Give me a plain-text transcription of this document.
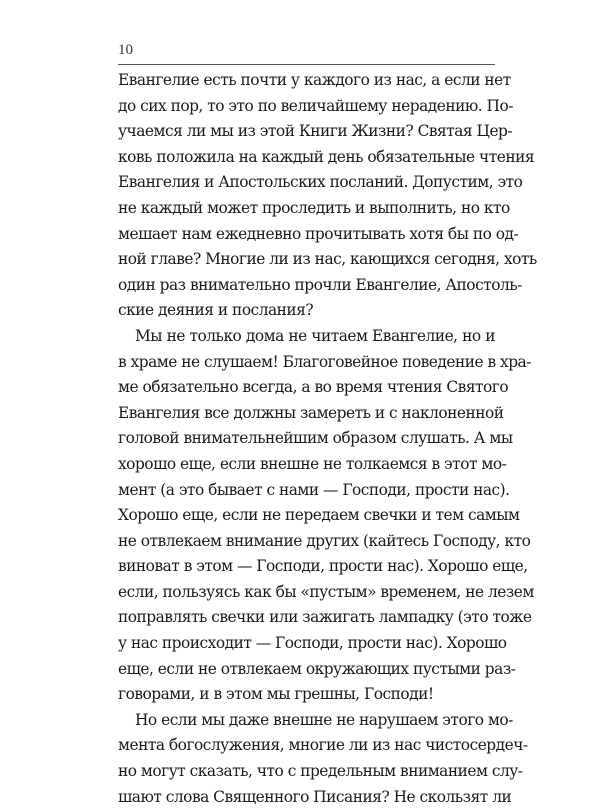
10
Евангелие есть почти у каждого из нас, а если нет
до сих пор, то это по величайшему нерадению. По-
учаемся ли мы из этой Книги Жизни? Святая Цер-
ковь положила на каждый день обязательные чтения
Евангелия и Апостольских посланий. Допустим, это
не каждый может проследить и выполнить, но кто
мешает нам ежедневно прочитывать хотя бы по од-
ной главе? Многие ли из нас, кающихся сегодня, хоть
один раз внимательно прочли Евангелие, Апостоль-
ские деяния и послания?
Мы не только дома не читаем Евангелие, но и
в храме не слушаем! Благоговейное поведение в хра-
ме обязательно всегда, а во время чтения Святого
Евангелия все должны замереть и с наклоненной
головой внимательнейшим образом слушать. А мы
хорошо еще, если внешне не толкаемся в этот мо-
мент (а это бывает с нами — Господи, прости нас).
Хорошо еще, если не передаем свечки и тем самым
не отвлекаем внимание других (кайтесь Господу, кто
виноват в этом — Господи, прости нас). Хорошо еще,
если, пользуясь как бы «пустым» временем, не лезем
поправлять свечки или зажигать лампадку (это тоже
у нас происходит — Господи, прости нас). Хорошо
еще, если не отвлекаем окружающих пустыми раз-
говорами, и в этом мы грешны, Господи!
Но если мы даже внешне не нарушаем этого мо-
мента богослужения, многие ли из нас чистосердеч-
но могут сказать, что с предельным вниманием слу-
шают слова Священного Писания? Не скользят ли
